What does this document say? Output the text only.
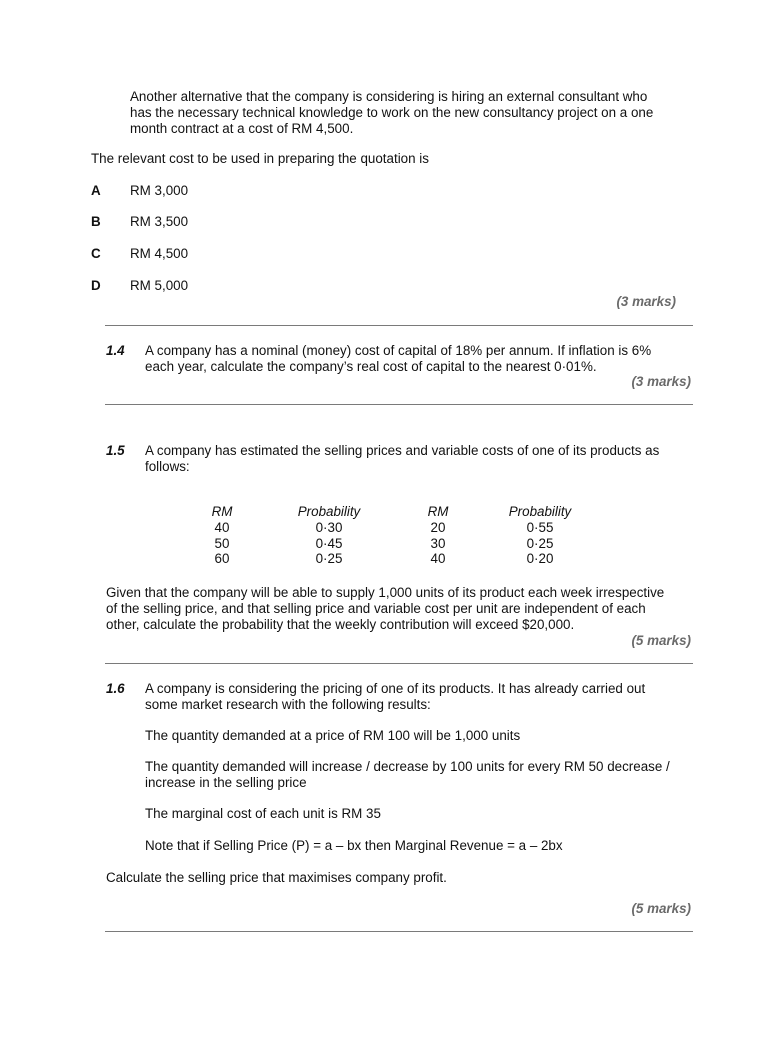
Another alternative that the company is considering is hiring an external consultant who
has the necessary technical knowledge to work on the new consultancy project on a one
month contract at a cost of RM 4,500.
The relevant cost to be used in preparing the quotation is
A RM 3,000
B RM 3,500
C RM 4,500
D RM 5,000
(3 marks)
1.4 A company has a nominal (money) cost of capital of 18% per annum. If inflation is 6%
each year, calculate the company’s real cost of capital to the nearest 0·01%.
(3 marks)
1.5 A company has estimated the selling prices and variable costs of one of its products as
follows:
RM	Probability	RM	Probability
40	0·30	20	0·55
50	0·45	30	0·25
60	0·25	40	0·20
Given that the company will be able to supply 1,000 units of its product each week irrespective
of the selling price, and that selling price and variable cost per unit are independent of each
other, calculate the probability that the weekly contribution will exceed $20,000.
(5 marks)
1.6 A company is considering the pricing of one of its products. It has already carried out
some market research with the following results:
The quantity demanded at a price of RM 100 will be 1,000 units
The quantity demanded will increase / decrease by 100 units for every RM 50 decrease /
increase in the selling price
The marginal cost of each unit is RM 35
Note that if Selling Price (P) = a – bx then Marginal Revenue = a – 2bx
Calculate the selling price that maximises company profit.
(5 marks)
